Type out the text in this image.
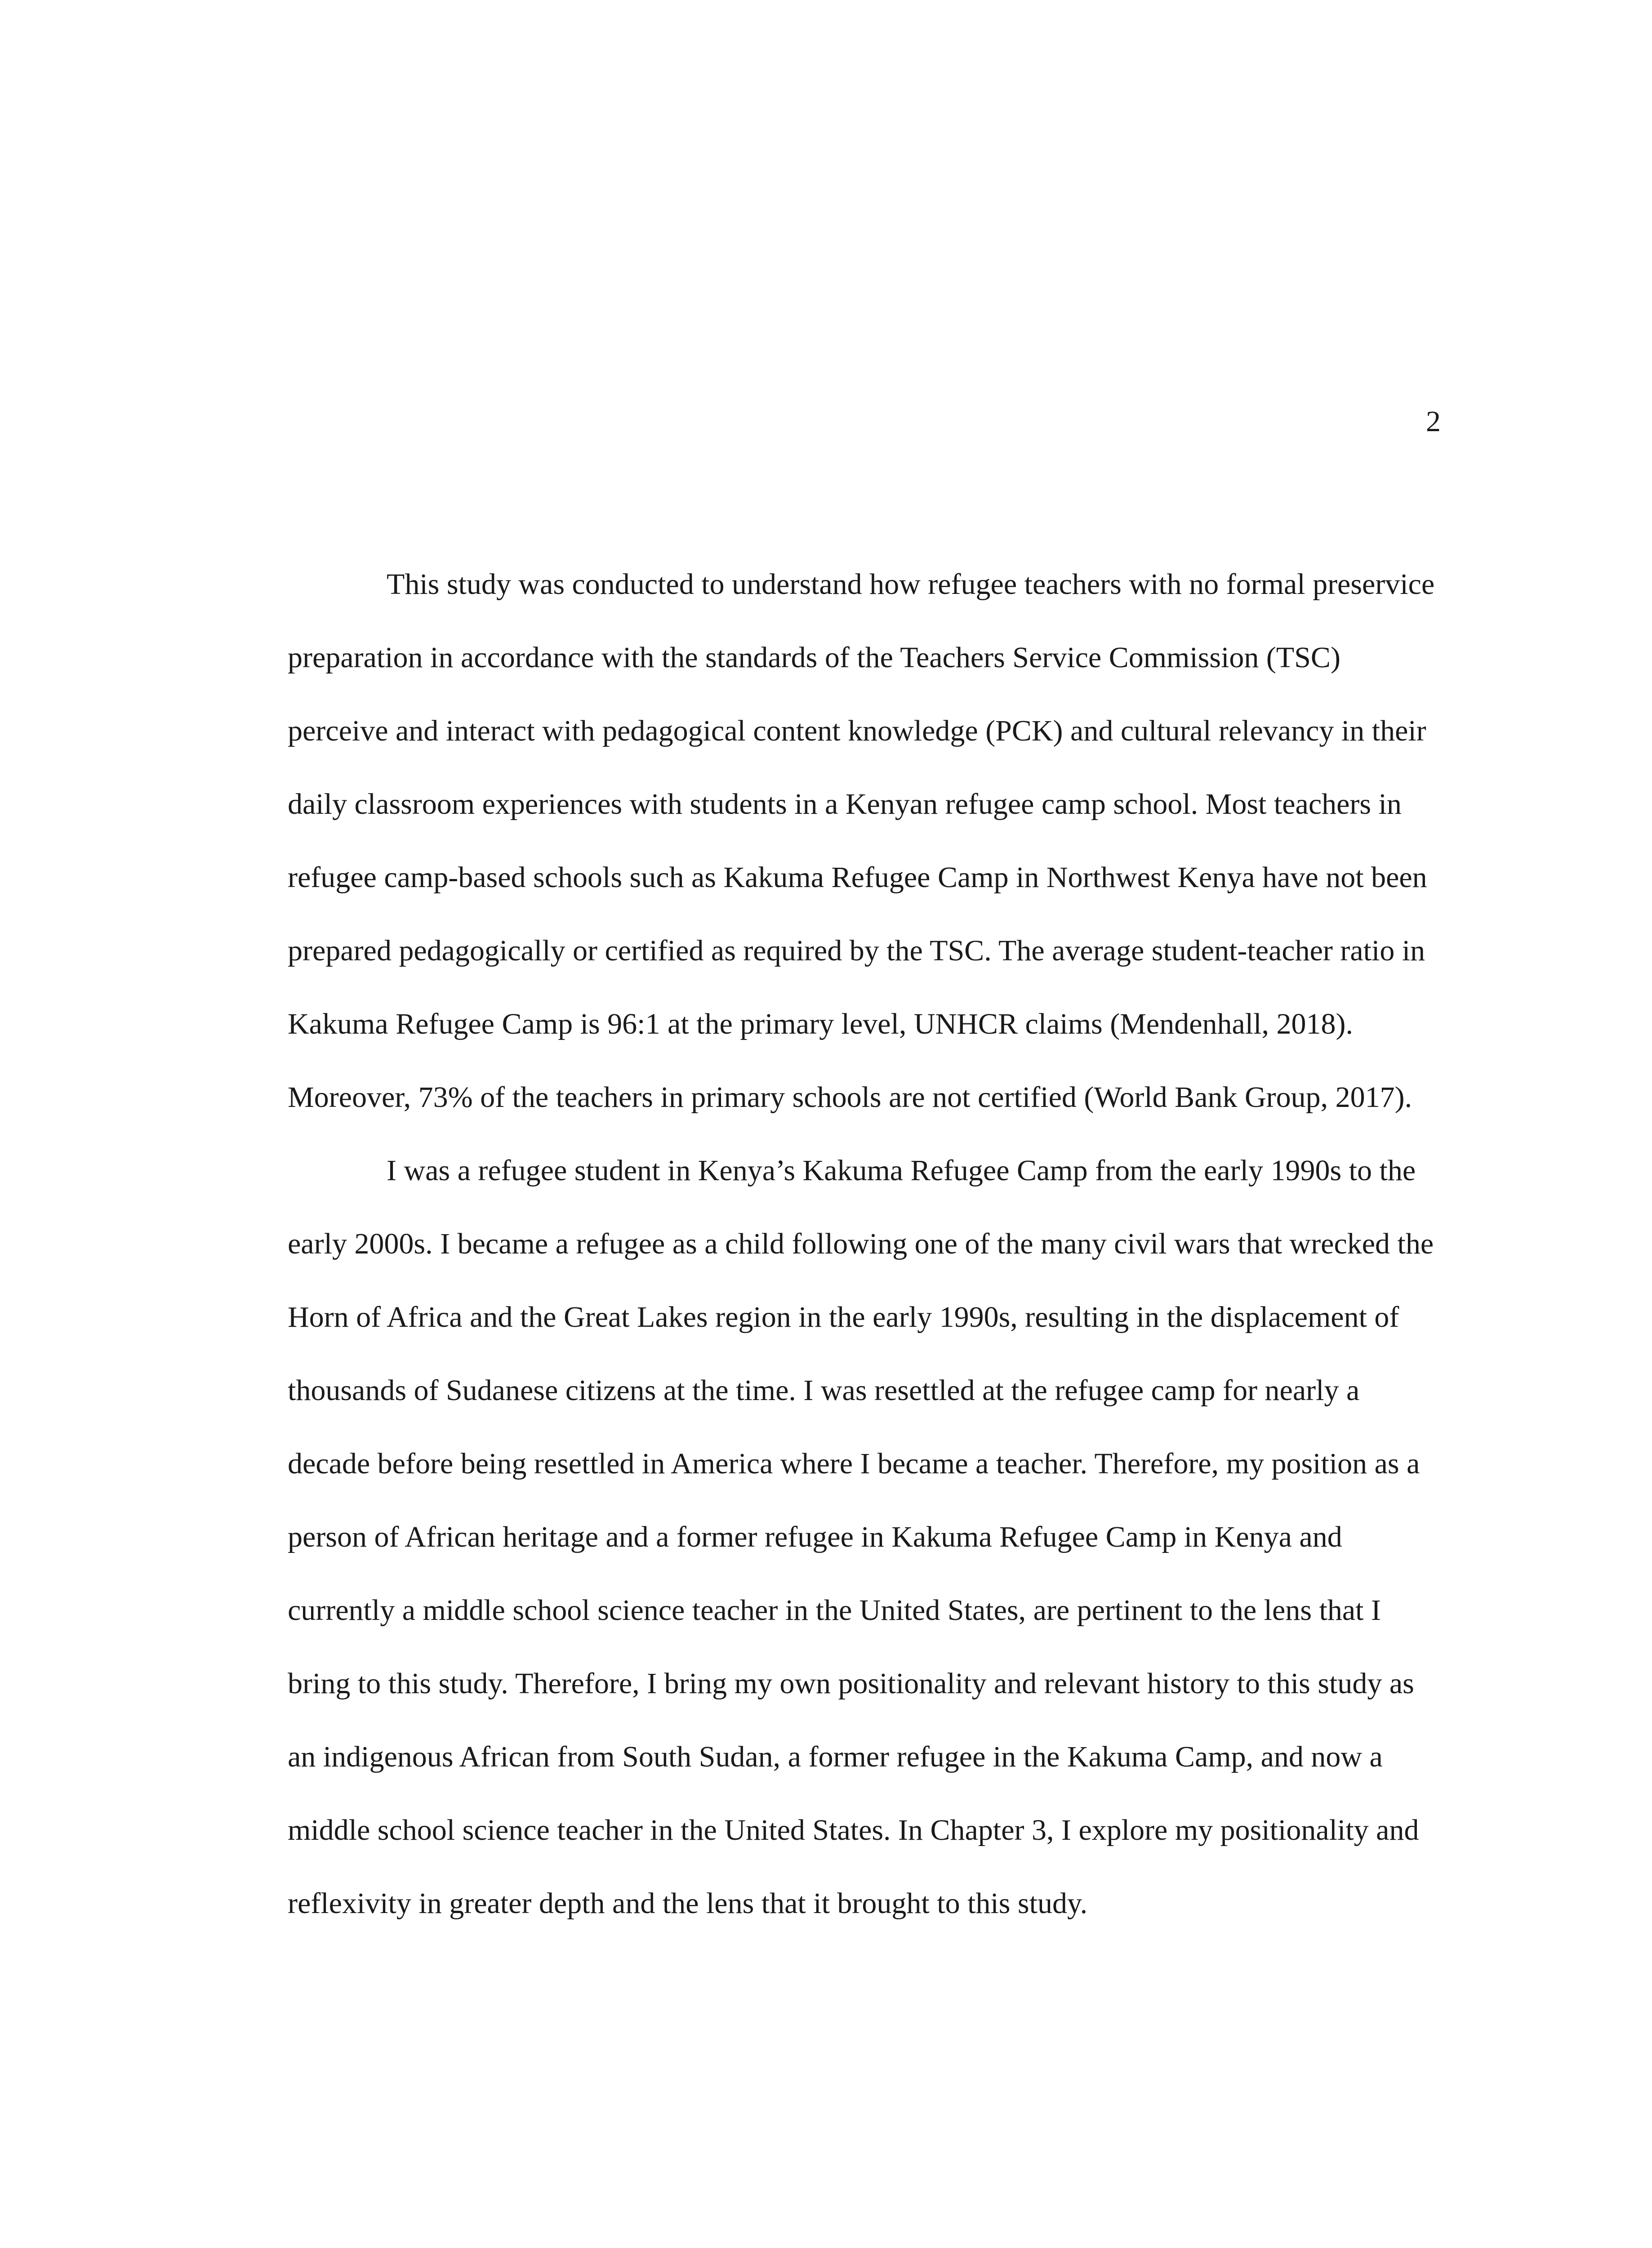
2

This study was conducted to understand how refugee teachers with no formal preservice preparation in accordance with the standards of the Teachers Service Commission (TSC) perceive and interact with pedagogical content knowledge (PCK) and cultural relevancy in their daily classroom experiences with students in a Kenyan refugee camp school. Most teachers in refugee camp-based schools such as Kakuma Refugee Camp in Northwest Kenya have not been prepared pedagogically or certified as required by the TSC. The average student-teacher ratio in Kakuma Refugee Camp is 96:1 at the primary level, UNHCR claims (Mendenhall, 2018). Moreover, 73% of the teachers in primary schools are not certified (World Bank Group, 2017).

I was a refugee student in Kenya’s Kakuma Refugee Camp from the early 1990s to the early 2000s. I became a refugee as a child following one of the many civil wars that wrecked the Horn of Africa and the Great Lakes region in the early 1990s, resulting in the displacement of thousands of Sudanese citizens at the time. I was resettled at the refugee camp for nearly a decade before being resettled in America where I became a teacher. Therefore, my position as a person of African heritage and a former refugee in Kakuma Refugee Camp in Kenya and currently a middle school science teacher in the United States, are pertinent to the lens that I bring to this study. Therefore, I bring my own positionality and relevant history to this study as an indigenous African from South Sudan, a former refugee in the Kakuma Camp, and now a middle school science teacher in the United States. In Chapter 3, I explore my positionality and reflexivity in greater depth and the lens that it brought to this study.
